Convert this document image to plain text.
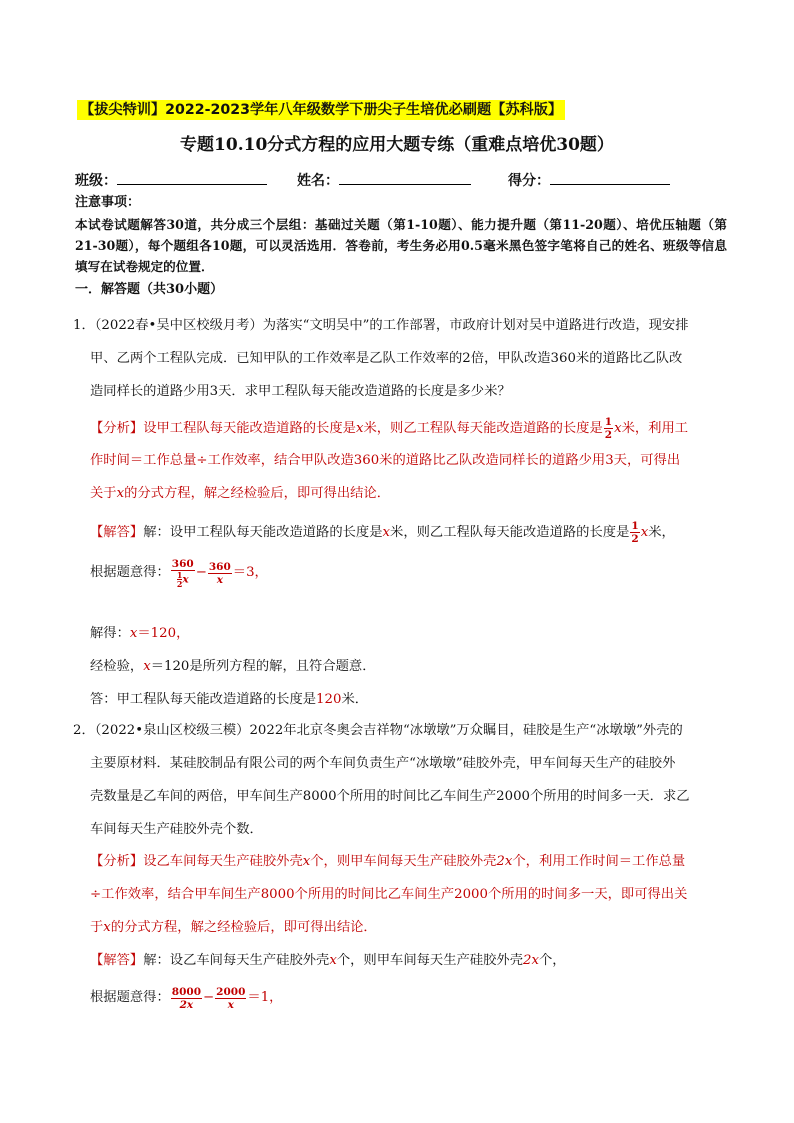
【拔尖特训】2022-2023学年八年级数学下册尖子生培优必刷题【苏科版】
专题10.10分式方程的应用大题专练（重难点培优30题）
班级：	姓名：	得分：
注意事项：
本试卷试题解答30道，共分成三个层组：基础过关题（第1-10题）、能力提升题（第11-20题）、培优压轴题（第21-30题），每个题组各10题，可以灵活选用．答卷前，考生务必用0.5毫米黑色签字笔将自己的姓名、班级等信息填写在试卷规定的位置．
一．解答题（共30小题）
1．（2022春•吴中区校级月考）为落实“文明吴中”的工作部署，市政府计划对吴中道路进行改造，现安排
甲、乙两个工程队完成．已知甲队的工作效率是乙队工作效率的2倍，甲队改造360米的道路比乙队改
造同样长的道路少用3天．求甲工程队每天能改造道路的长度是多少米？
【分析】设甲工程队每天能改造道路的长度是x米，则乙工程队每天能改造道路的长度是 $\frac{1}{2}$ x米，利用工
作时间＝工作总量÷工作效率，结合甲队改造360米的道路比乙队改造同样长的道路少用3天，可得出
关于x的分式方程，解之经检验后，即可得出结论．
【解答】解：设甲工程队每天能改造道路的长度是x米，则乙工程队每天能改造道路的长度是 $\frac{1}{2}$ x米，
根据题意得： $\frac{360}{\frac{1}{2} x} - \frac{360}{x} =3$，
解得：x＝120，
经检验，x＝120是所列方程的解，且符合题意．
答：甲工程队每天能改造道路的长度是120米．
2．（2022•泉山区校级三模）2022年北京冬奥会吉祥物“冰墩墩”万众瞩目，硅胶是生产“冰墩墩”外壳的
主要原材料．某硅胶制品有限公司的两个车间负责生产“冰墩墩”硅胶外壳，甲车间每天生产的硅胶外
壳数量是乙车间的两倍，甲车间生产8000个所用的时间比乙车间生产2000个所用的时间多一天．求乙
车间每天生产硅胶外壳个数．
【分析】设乙车间每天生产硅胶外壳x个，则甲车间每天生产硅胶外壳2x个，利用工作时间＝工作总量
÷工作效率，结合甲车间生产8000个所用的时间比乙车间生产2000个所用的时间多一天，即可得出关
于x的分式方程，解之经检验后，即可得出结论．
【解答】解：设乙车间每天生产硅胶外壳x个，则甲车间每天生产硅胶外壳2x个，
根据题意得： $\frac{8000}{2x} - \frac{2000}{x} =1$，
